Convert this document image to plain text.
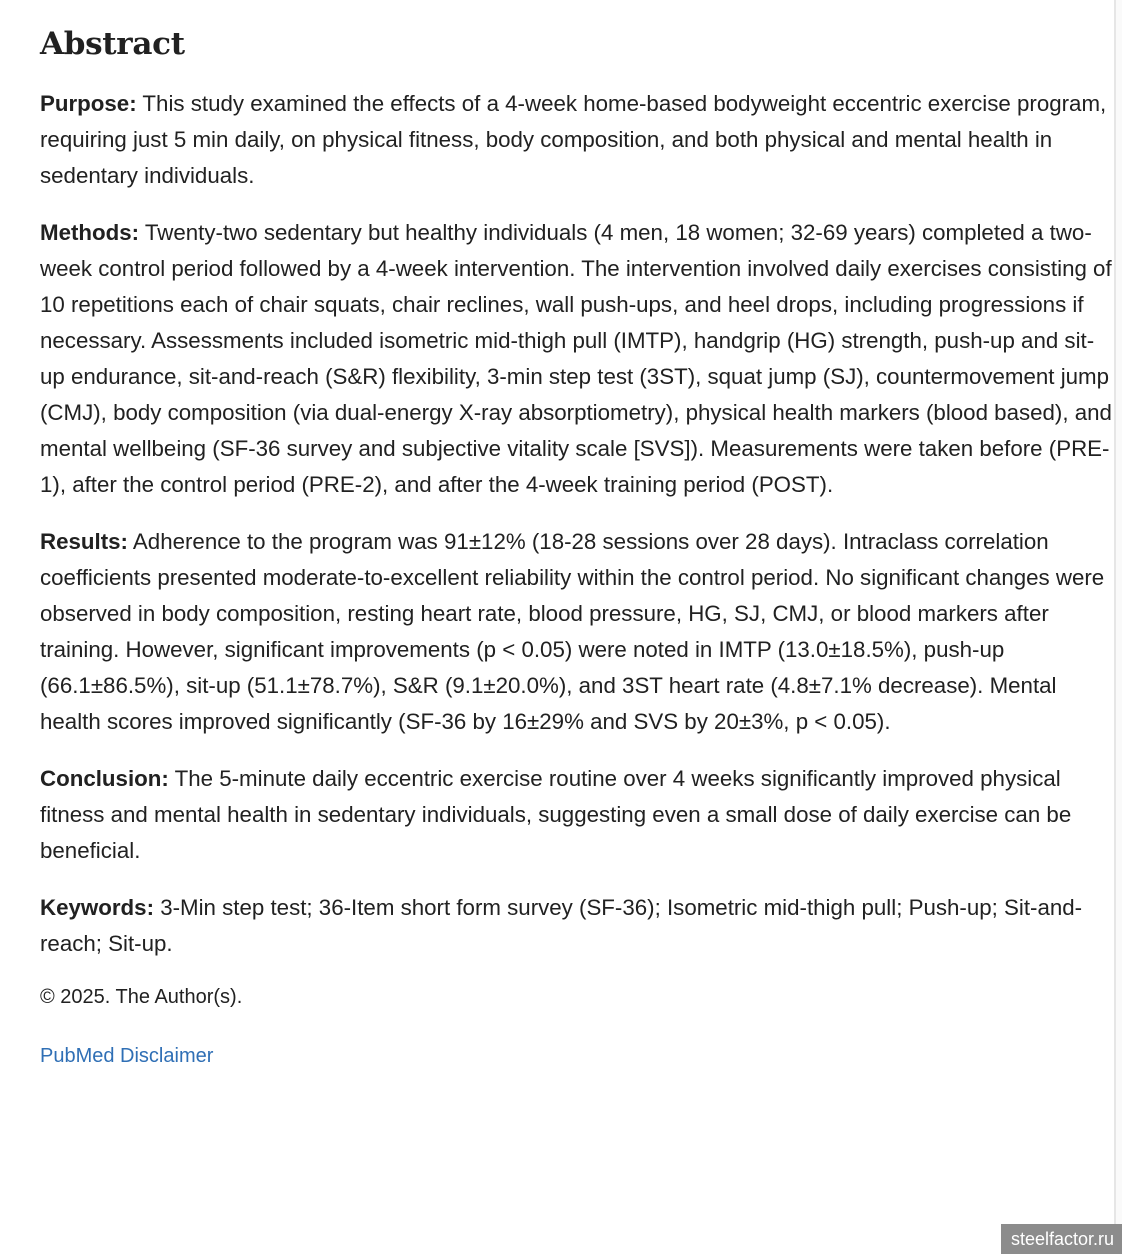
Abstract

Purpose: This study examined the effects of a 4-week home-based bodyweight eccentric exercise program, requiring just 5 min daily, on physical fitness, body composition, and both physical and mental health in sedentary individuals.

Methods: Twenty-two sedentary but healthy individuals (4 men, 18 women; 32-69 years) completed a two-week control period followed by a 4-week intervention. The intervention involved daily exercises consisting of 10 repetitions each of chair squats, chair reclines, wall push-ups, and heel drops, including progressions if necessary. Assessments included isometric mid-thigh pull (IMTP), handgrip (HG) strength, push-up and sit-up endurance, sit-and-reach (S&R) flexibility, 3-min step test (3ST), squat jump (SJ), countermovement jump (CMJ), body composition (via dual-energy X-ray absorptiometry), physical health markers (blood based), and mental wellbeing (SF-36 survey and subjective vitality scale [SVS]). Measurements were taken before (PRE-1), after the control period (PRE-2), and after the 4-week training period (POST).

Results: Adherence to the program was 91±12% (18-28 sessions over 28 days). Intraclass correlation coefficients presented moderate-to-excellent reliability within the control period. No significant changes were observed in body composition, resting heart rate, blood pressure, HG, SJ, CMJ, or blood markers after training. However, significant improvements (p < 0.05) were noted in IMTP (13.0±18.5%), push-up (66.1±86.5%), sit-up (51.1±78.7%), S&R (9.1±20.0%), and 3ST heart rate (4.8±7.1% decrease). Mental health scores improved significantly (SF-36 by 16±29% and SVS by 20±3%, p < 0.05).

Conclusion: The 5-minute daily eccentric exercise routine over 4 weeks significantly improved physical fitness and mental health in sedentary individuals, suggesting even a small dose of daily exercise can be beneficial.

Keywords: 3-Min step test; 36-Item short form survey (SF-36); Isometric mid-thigh pull; Push-up; Sit-and-reach; Sit-up.

© 2025. The Author(s).

PubMed Disclaimer
steelfactor.ru
